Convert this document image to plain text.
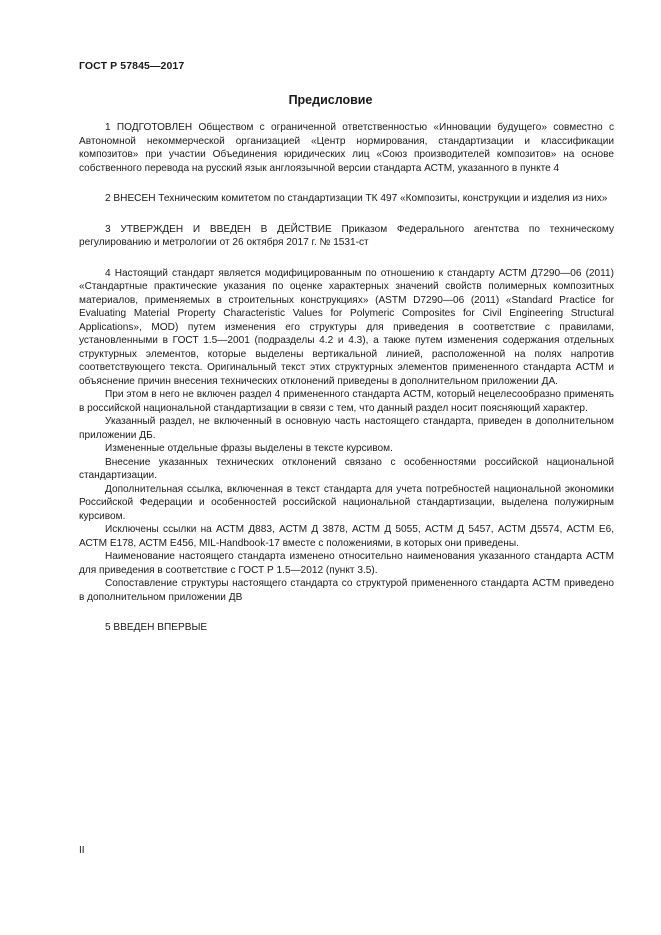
ГОСТ Р 57845—2017
Предисловие

1 ПОДГОТОВЛЕН Обществом с ограниченной ответственностью «Инновации будущего» совместно с Автономной некоммерческой организацией «Центр нормирования, стандартизации и классификации композитов» при участии Объединения юридических лиц «Союз производителей композитов» на основе собственного перевода на русский язык англоязычной версии стандарта АСТМ, указанного в пункте 4

2 ВНЕСЕН Техническим комитетом по стандартизации ТК 497 «Композиты, конструкции и изделия из них»

3 УТВЕРЖДЕН И ВВЕДЕН В ДЕЙСТВИЕ Приказом Федерального агентства по техническому регулированию и метрологии от 26 октября 2017 г. № 1531-ст

4 Настоящий стандарт является модифицированным по отношению к стандарту АСТМ Д7290—06 (2011) «Стандартные практические указания по оценке характерных значений свойств полимерных композитных материалов, применяемых в строительных конструкциях» (ASTM D7290—06 (2011) «Standard Practice for Evaluating Material Property Characteristic Values for Polymeric Composites for Civil Engineering Structural Applications», MOD) путем изменения его структуры для приведения в соответствие с правилами, установленными в ГОСТ 1.5—2001 (подразделы 4.2 и 4.3), а также путем изменения содержания отдельных структурных элементов, которые выделены вертикальной линией, расположенной на полях напротив соответствующего текста. Оригинальный текст этих структурных элементов примененного стандарта АСТМ и объяснение причин внесения технических отклонений приведены в дополнительном приложении ДА.

При этом в него не включен раздел 4 примененного стандарта АСТМ, который нецелесообразно применять в российской национальной стандартизации в связи с тем, что данный раздел носит поясняющий характер.

Указанный раздел, не включенный в основную часть настоящего стандарта, приведен в дополнительном приложении ДБ.

Измененные отдельные фразы выделены в тексте курсивом.

Внесение указанных технических отклонений связано с особенностями российской национальной стандартизации.

Дополнительная ссылка, включенная в текст стандарта для учета потребностей национальной экономики Российской Федерации и особенностей российской национальной стандартизации, выделена полужирным курсивом.

Исключены ссылки на АСТМ Д883, АСТМ Д 3878, АСТМ Д 5055, АСТМ Д 5457, АСТМ Д5574, АСТМ Е6, АСТМ Е178, АСТМ Е456, MIL-Handbook-17 вместе с положениями, в которых они приведены.

Наименование настоящего стандарта изменено относительно наименования указанного стандарта АСТМ для приведения в соответствие с ГОСТ Р 1.5—2012 (пункт 3.5).

Сопоставление структуры настоящего стандарта со структурой примененного стандарта АСТМ приведено в дополнительном приложении ДВ

5 ВВЕДЕН ВПЕРВЫЕ

II
